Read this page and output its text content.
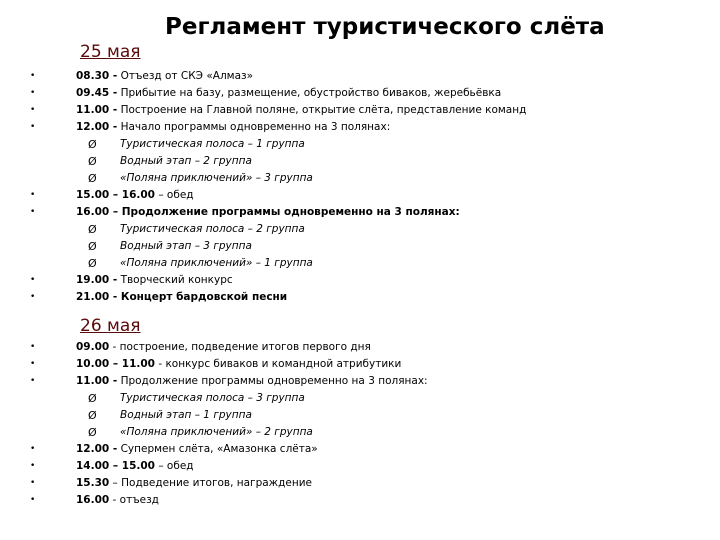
Регламент туристического слёта
25 мая
•	08.30 - Отъезд от СКЭ «Алмаз»
•	09.45 - Прибытие на базу, размещение, обустройство биваков, жеребьёвка
•	11.00 - Построение на Главной поляне, открытие слёта, представление команд
•	12.00 - Начало программы одновременно на 3 полянах:
Ø Туристическая полоса – 1 группа
Ø Водный этап – 2 группа
Ø «Поляна приключений» – 3 группа
•	15.00 – 16.00 – обед
•	16.00 – Продолжение программы одновременно на 3 полянах:
Ø Туристическая полоса – 2 группа
Ø Водный этап – 3 группа
Ø «Поляна приключений» – 1 группа
•	19.00 - Творческий конкурс
•	21.00 - Концерт бардовской песни
26 мая
•	09.00 - построение, подведение итогов первого дня
•	10.00 – 11.00 - конкурс биваков и командной атрибутики
•	11.00 - Продолжение программы одновременно на 3 полянах:
Ø Туристическая полоса – 3 группа
Ø Водный этап – 1 группа
Ø «Поляна приключений» – 2 группа
•	12.00 - Супермен слёта, «Амазонка слёта»
•	14.00 – 15.00 – обед
•	15.30 – Подведение итогов, награждение
•	16.00 - отъезд
